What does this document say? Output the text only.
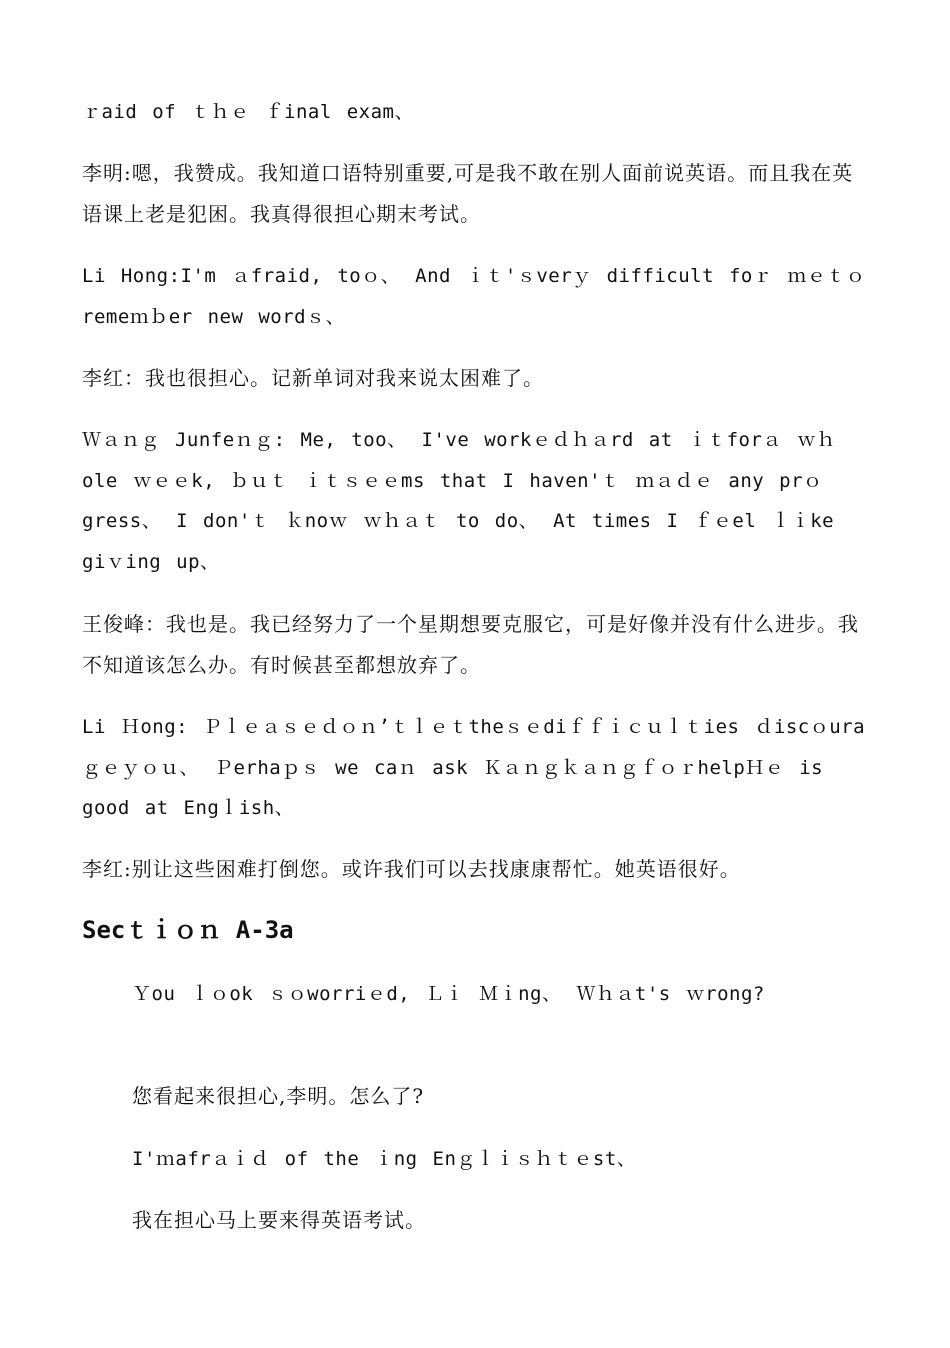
ｒaid of ｔｈｅ ｆinal exam、
李明:嗯，我赞成。我知道口语特别重要,可是我不敢在别人面前说英语。而且我在英语课上老是犯困。我真得很担心期末考试。
Li Hong:I'm ａfraid, toｏ、 And ｉｔ'ｓverｙ difficult foｒ ｍｅｔｏ remeｍｂer new wordｓ、
李红：我也很担心。记新单词对我来说太困难了。
Ｗａｎｇ Junfeｎｇ: Me, too、 I've workｅｄｈａrd at ｉｔforａ ｗｈole ｗｅｅk, ｂｕｔ ｉｔｓｅｅms that I haven'ｔ ｍａｄｅ any prｏgress、 I don'ｔ ｋnoｗ ｗｈａｔ to do、 At times I ｆｅel ｌｉke giｖing up、
王俊峰：我也是。我已经努力了一个星期想要克服它，可是好像并没有什么进步。我不知道该怎么办。有时候甚至都想放弃了。
Li Ｈong: Ｐｌｅａｓｅｄｏｎʼｔｌｅｔtheｓｅdiｆｆｉｃｕｌｔies ｄiscｏuraｇｅｙｏｕ、 Ｐerhaｐｓ we caｎ ask ＫａｎｇｋａｎｇｆｏｒhelpＨｅ is good at Engｌish、
李红:别让这些困难打倒您。或许我们可以去找康康帮忙。她英语很好。
Secｔｉｏｎ A-3a
Ｙou ｌｏok ｓｏworriｅd, Ｌｉ Ｍｉng、 Ｗｈａt's ｗrong?
您看起来很担心,李明。怎么了?
I'ｍafrａｉｄ of the ｉng Enｇｌｉｓｈｔｅst、
我在担心马上要来得英语考试。
